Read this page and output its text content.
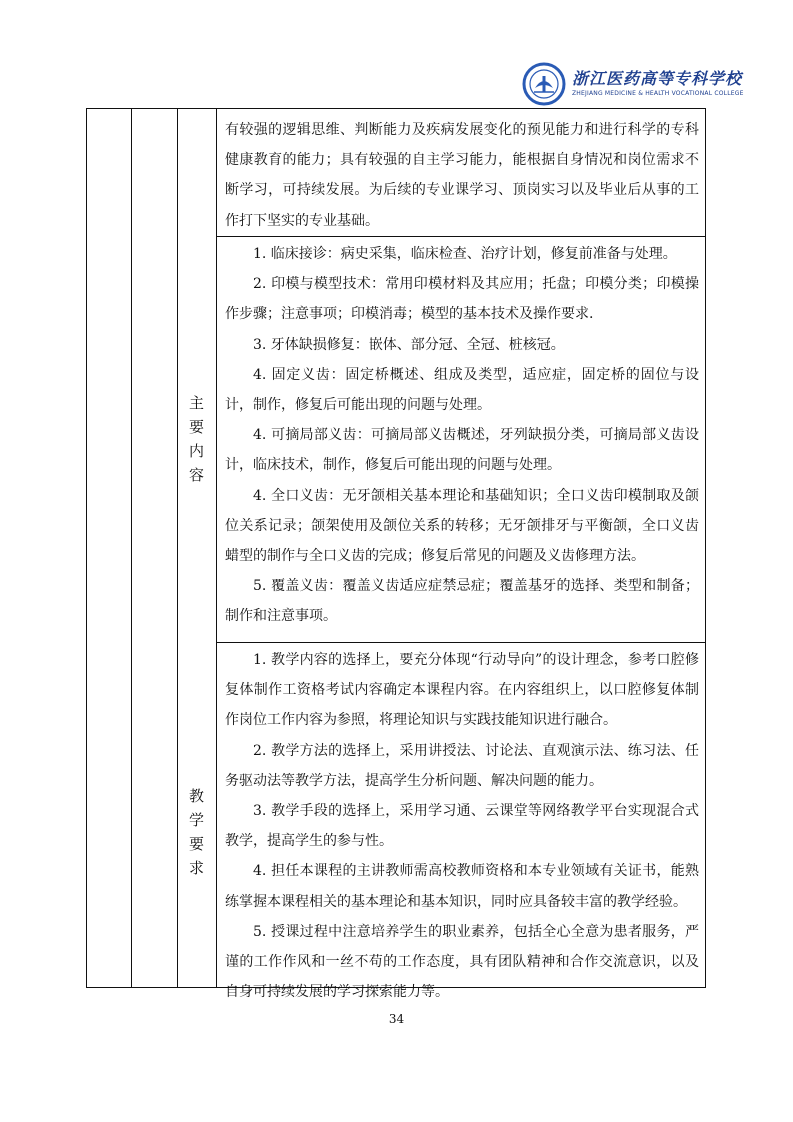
浙江医药高等专科学校
ZHEJIANG MEDICINE & HEALTH VOCATIONAL COLLEGE

有较强的逻辑思维、判断能力及疾病发展变化的预见能力和进行科学的专科健康教育的能力；具有较强的自主学习能力，能根据自身情况和岗位需求不断学习，可持续发展。为后续的专业课学习、顶岗实习以及毕业后从事的工作打下坚实的专业基础。

主
要
内
容

1. 临床接诊：病史采集，临床检查、治疗计划，修复前准备与处理。

2. 印模与模型技术：常用印模材料及其应用；托盘；印模分类；印模操作步骤；注意事项；印模消毒；模型的基本技术及操作要求.

3. 牙体缺损修复：嵌体、部分冠、全冠、桩核冠。

4. 固定义齿：固定桥概述、组成及类型，适应症，固定桥的固位与设计，制作，修复后可能出现的问题与处理。

4. 可摘局部义齿：可摘局部义齿概述，牙列缺损分类，可摘局部义齿设计，临床技术，制作，修复后可能出现的问题与处理。

4. 全口义齿：无牙颌相关基本理论和基础知识；全口义齿印模制取及颌位关系记录；颌架使用及颌位关系的转移；无牙颌排牙与平衡颌，全口义齿蜡型的制作与全口义齿的完成；修复后常见的问题及义齿修理方法。

5. 覆盖义齿：覆盖义齿适应症禁忌症；覆盖基牙的选择、类型和制备；制作和注意事项。

教
学
要
求

1. 教学内容的选择上，要充分体现“行动导向”的设计理念，参考口腔修复体制作工资格考试内容确定本课程内容。在内容组织上，以口腔修复体制作岗位工作内容为参照，将理论知识与实践技能知识进行融合。

2. 教学方法的选择上，采用讲授法、讨论法、直观演示法、练习法、任务驱动法等教学方法，提高学生分析问题、解决问题的能力。

3. 教学手段的选择上，采用学习通、云课堂等网络教学平台实现混合式教学，提高学生的参与性。

4. 担任本课程的主讲教师需高校教师资格和本专业领域有关证书，能熟练掌握本课程相关的基本理论和基本知识，同时应具备较丰富的教学经验。

5. 授课过程中注意培养学生的职业素养，包括全心全意为患者服务，严谨的工作作风和一丝不苟的工作态度，具有团队精神和合作交流意识，以及自身可持续发展的学习探索能力等。

34
